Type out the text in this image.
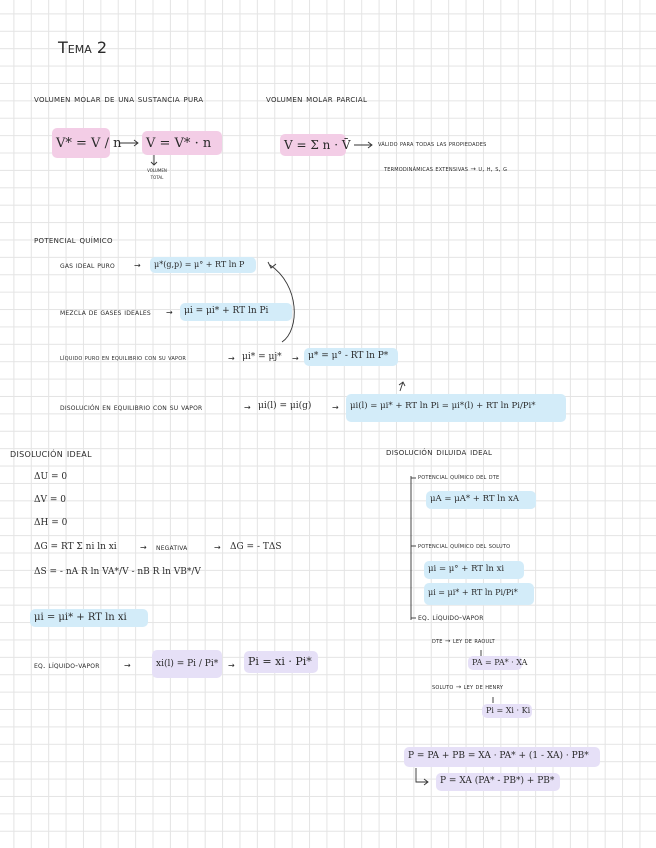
Tema 2
volumen molar de una sustancia pura
V* = V / n V = V* · n
volumen total
volumen molar parcial
V = Σ n · V̄	válido para todas las propiedades
termodinámicas extensivas → u, h, s, g
potencial químico
gas ideal puro → μ*(g,p) = μ° + RT ln P
mezcla de gases ideales → μi = μi* + RT ln Pi
líquido puro en equilibrio con su vapor	→ μi* = μj* → μ* = μ° - RT ln P*
disolución en equilibrio con su vapor	→ μi(l) = μi(g)	→ μi(l) = μi* + RT ln Pi = μi*(l) + RT ln Pi/Pi*
disolución ideal
ΔU = 0
ΔV = 0
ΔH = 0
ΔG = RT Σ ni ln xi	→ negativa	→ ΔG = - TΔS
ΔS = - nA R ln VA*/V - nB R ln VB*/V
μi = μi* + RT ln xi
eq. líquido-vapor	→	xi(l) = Pi / Pi* → Pi = xi · Pi*
disolución diluida ideal
potencial químico del dte
μA = μA* + RT ln xA
potencial químico del soluto
μi = μ° + RT ln xi
μi = μi* + RT ln Pi/Pi*
eq. líquido-vapor
dte → ley de raoult
PA = PA* · XA
soluto → ley de henry
Pi = Xi · Ki
P = PA + PB = XA · PA* + (1 - XA) · PB*
P = XA (PA* - PB*) + PB*
